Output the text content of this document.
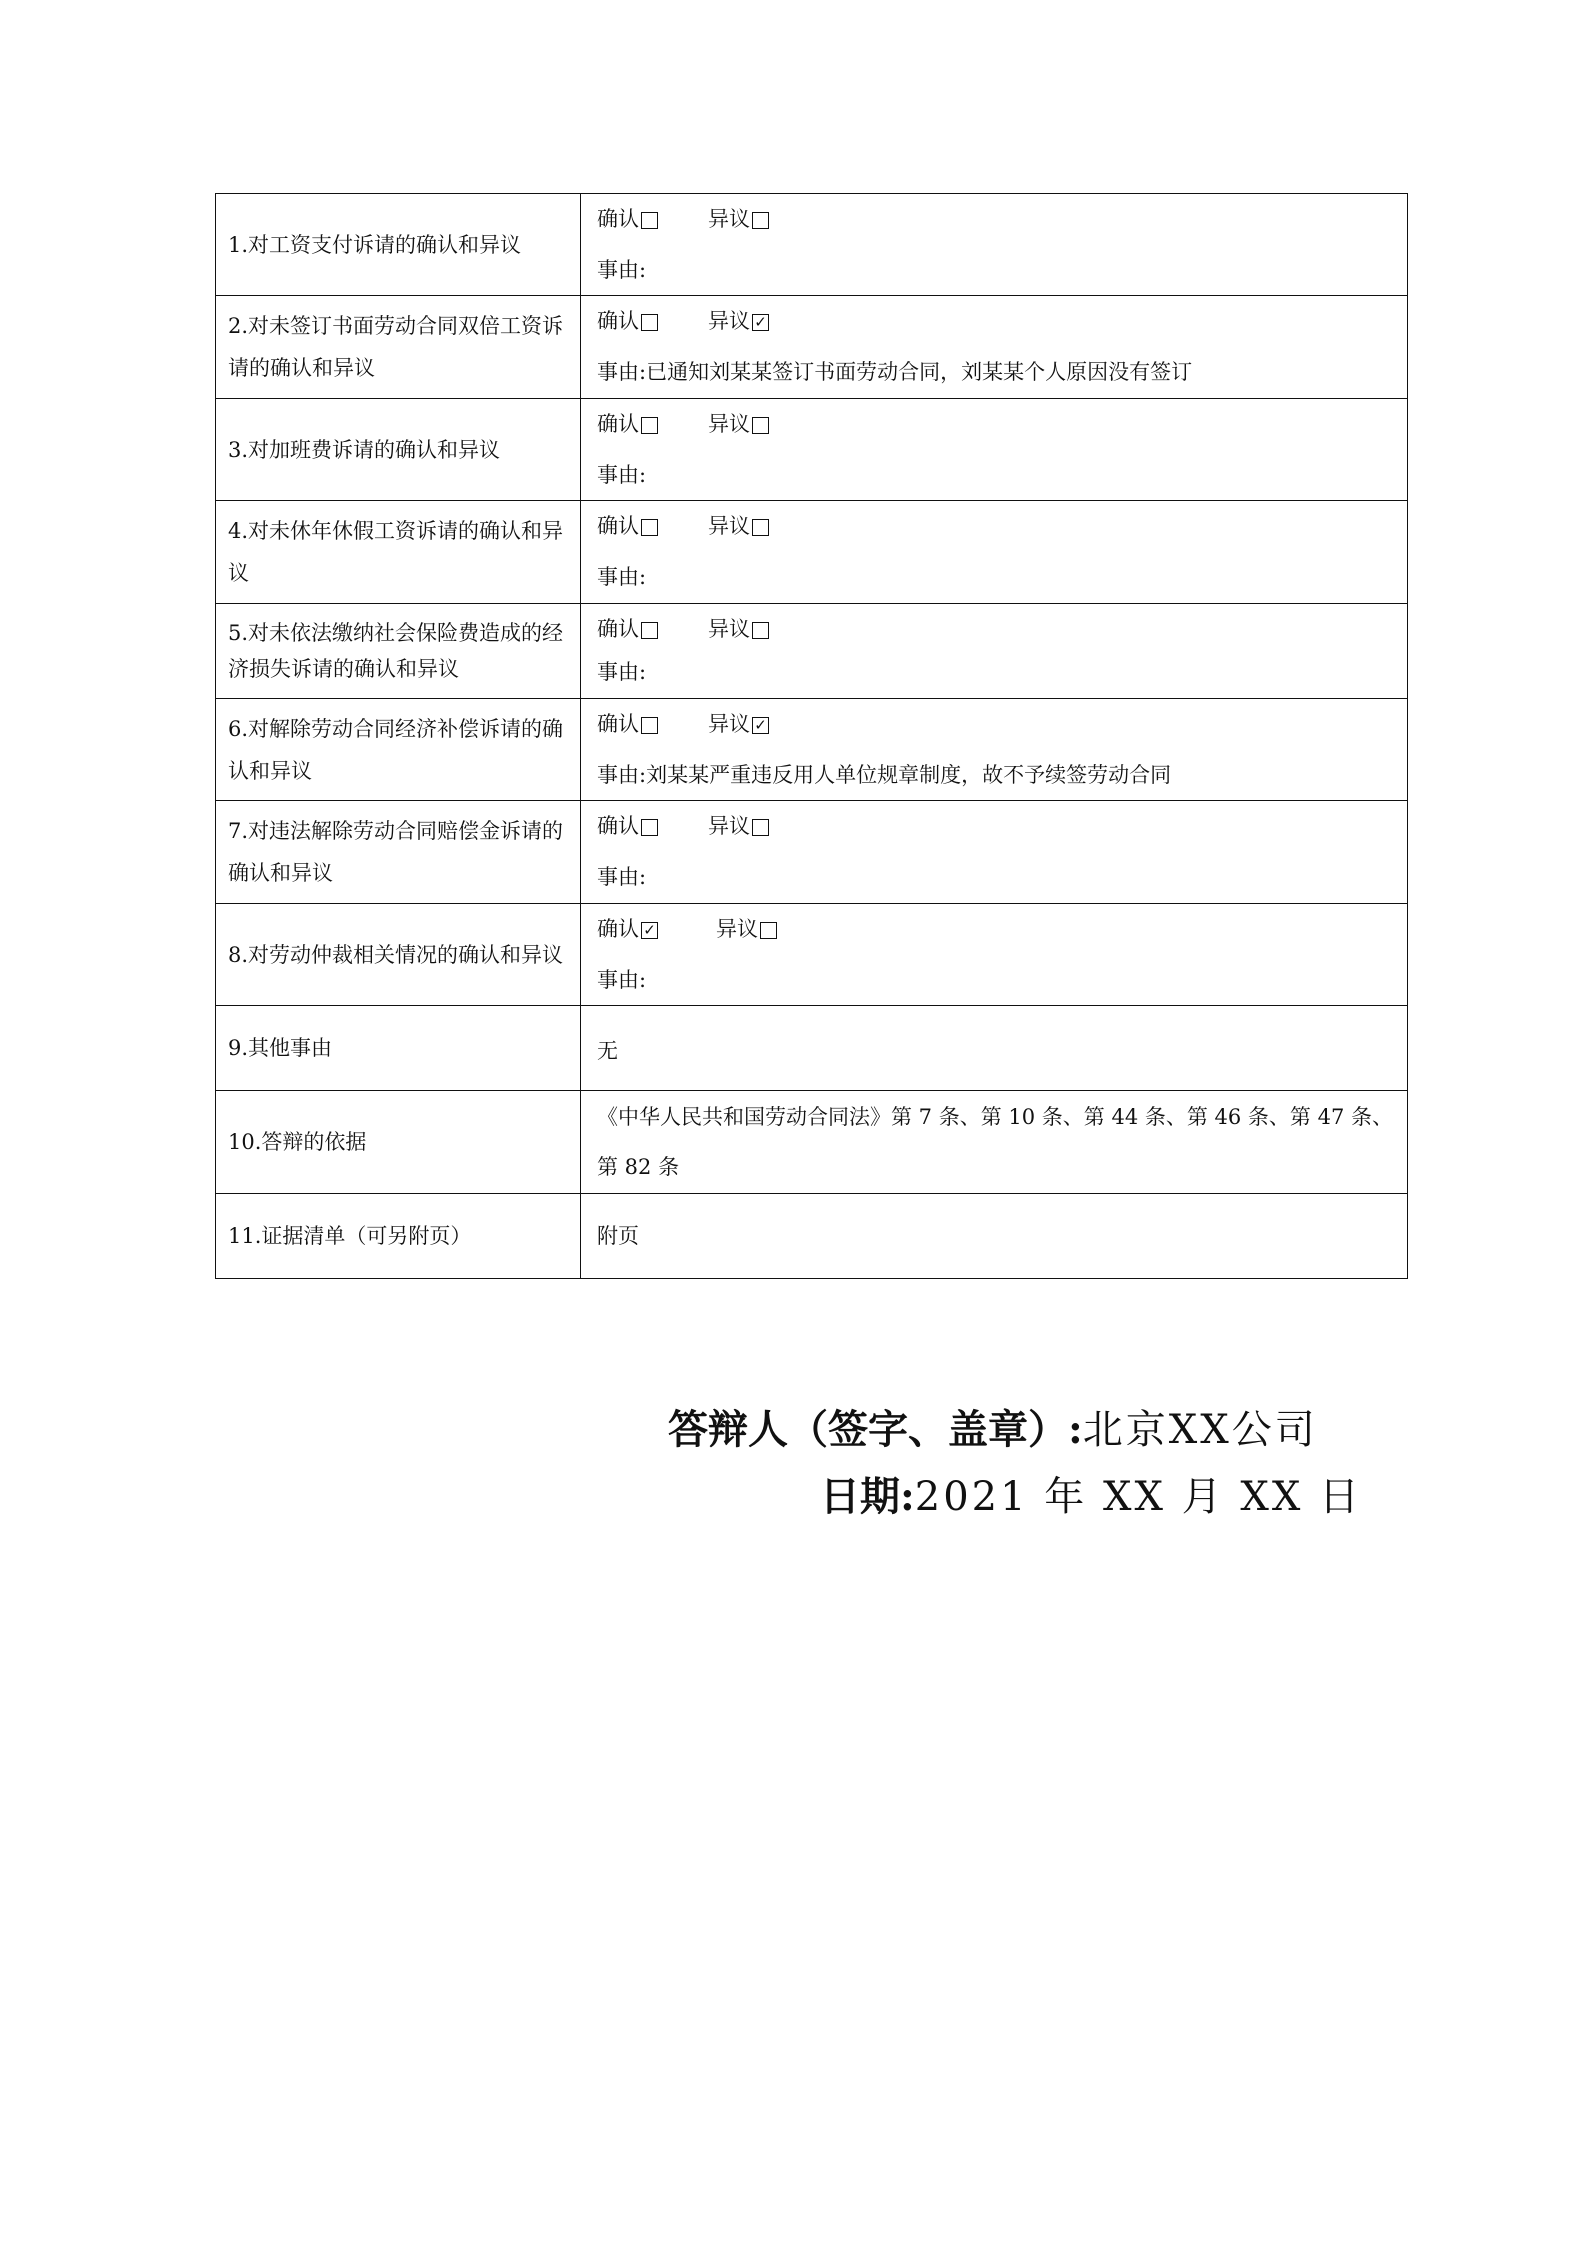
1.对工资支付诉请的确认和异议	确认 异议
事由:

2.对未签订书面劳动合同双倍工资诉请的确认和异议	确认 异议 ✓
事由:已通知刘某某签订书面劳动合同，刘某某个人原因没有签订

3.对加班费诉请的确认和异议	确认 异议
事由:

4.对未休年休假工资诉请的确认和异议	确认 异议
事由:

5.对未依法缴纳社会保险费造成的经济损失诉请的确认和异议	确认 异议
事由:

6.对解除劳动合同经济补偿诉请的确认和异议	确认 异议 ✓
事由:刘某某严重违反用人单位规章制度，故不予续签劳动合同

7.对违法解除劳动合同赔偿金诉请的确认和异议	确认 异议
事由:

8.对劳动仲裁相关情况的确认和异议	确认 ✓ 异议
事由:

9.其他事由	无

10.答辩的依据	《中华人民共和国劳动合同法》第 7 条、第 10 条、第 44 条、第 46 条、第 47 条、第 82 条

11.证据清单（可另附页）	附页
答辩人（签字、盖章）:北京XX公司
日期:2021 年 XX 月 XX 日
